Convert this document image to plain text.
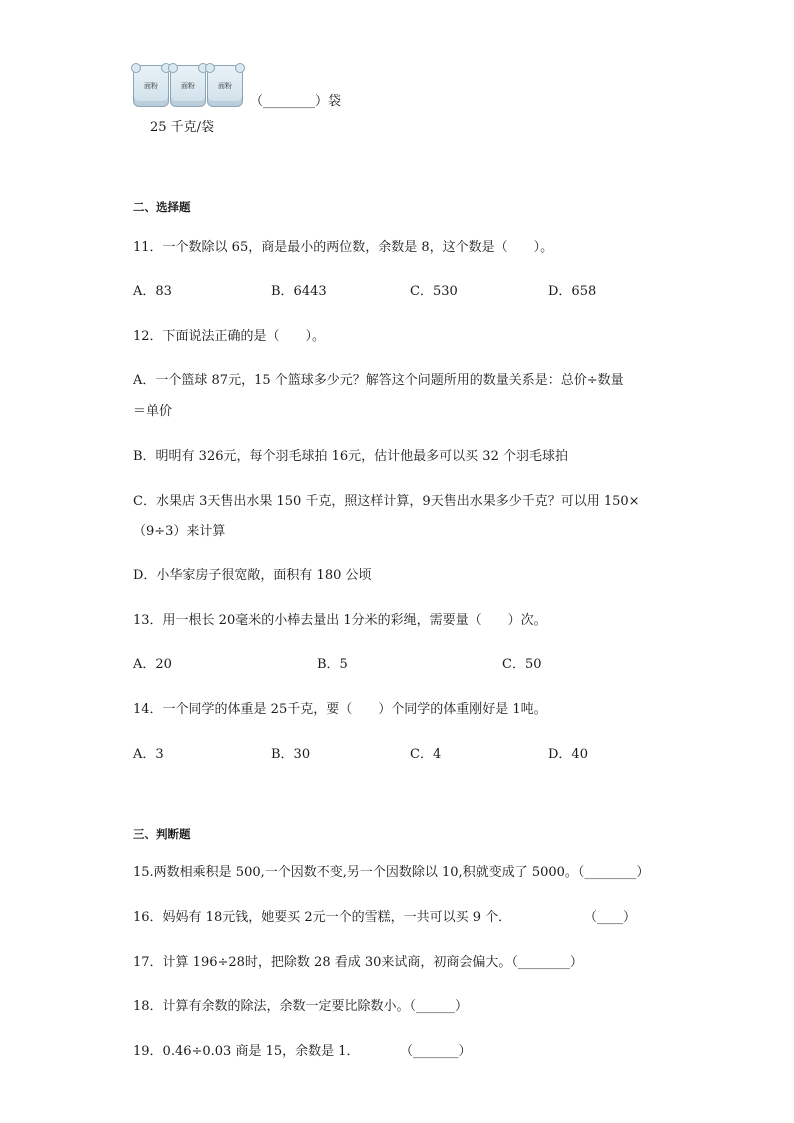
面粉	面粉	面粉
（________）袋
25 千克/袋
二、选择题
11．一个数除以 65，商是最小的两位数，余数是 8，这个数是（　　）。
A．83	B．6443	C．530	D．658
12．下面说法正确的是（　　）。
A．一个篮球 87元，15 个篮球多少元？解答这个问题所用的数量关系是：总价÷数量
＝单价
B．明明有 326元，每个羽毛球拍 16元，估计他最多可以买 32 个羽毛球拍
C．水果店 3天售出水果 150 千克，照这样计算，9天售出水果多少千克？可以用 150×
（9÷3）来计算
D．小华家房子很宽敞，面积有 180 公顷
13．用一根长 20毫米的小棒去量出 1分米的彩绳，需要量（　　）次。
A．20	B．5	C．50
14．一个同学的体重是 25千克，要（　　）个同学的体重刚好是 1吨。
A．3	B．30	C．4	D．40
三、判断题
15.两数相乘积是 500,一个因数不变,另一个因数除以 10,积就变成了 5000。（________）
16．妈妈有 18元钱，她要买 2元一个的雪糕，一共可以买 9 个．	（____）
17．计算 196÷28时，把除数 28 看成 30来试商，初商会偏大。（________）
18．计算有余数的除法，余数一定要比除数小。（______）
19．0.46÷0.03 商是 15，余数是 1．	（_______）
